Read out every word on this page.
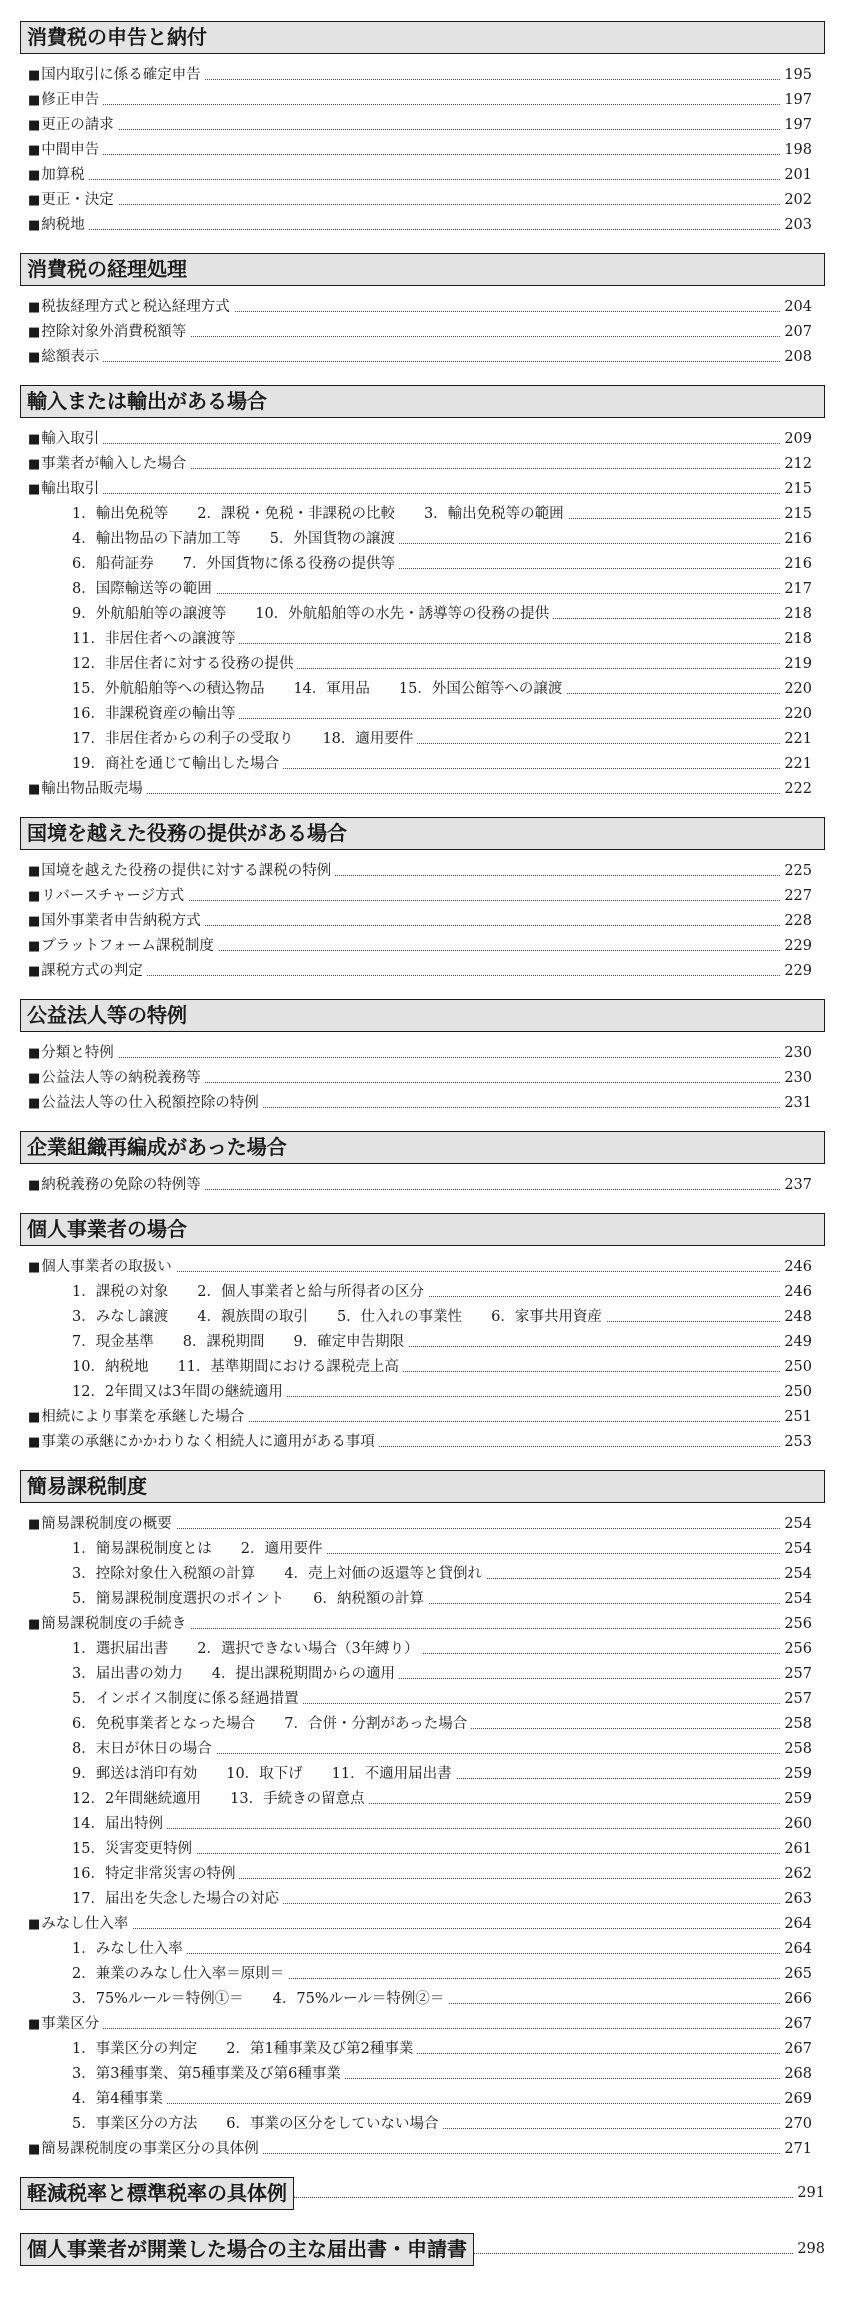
消費税の申告と納付
■国内取引に係る確定申告	195
■修正申告	197
■更正の請求	197
■中間申告	198
■加算税	201
■更正・決定	202
■納税地	203
消費税の経理処理
■税抜経理方式と税込経理方式	204
■控除対象外消費税額等	207
■総額表示	208
輸入または輸出がある場合
■輸入取引	209
■事業者が輸入した場合	212
■輸出取引	215
1．輸出免税等　　2．課税・免税・非課税の比較　　3．輸出免税等の範囲	215
4．輸出物品の下請加工等　　5．外国貨物の譲渡	216
6．船荷証券　　7．外国貨物に係る役務の提供等	216
8．国際輸送等の範囲	217
9．外航船舶等の譲渡等　　10．外航船舶等の水先・誘導等の役務の提供	218
11．非居住者への譲渡等	218
12．非居住者に対する役務の提供	219
15．外航船舶等への積込物品　　14．軍用品　　15．外国公館等への譲渡	220
16．非課税資産の輸出等	220
17．非居住者からの利子の受取り　　18．適用要件	221
19．商社を通じて輸出した場合	221
■輸出物品販売場	222
国境を越えた役務の提供がある場合
■国境を越えた役務の提供に対する課税の特例	225
■リバースチャージ方式	227
■国外事業者申告納税方式	228
■プラットフォーム課税制度	229
■課税方式の判定	229
公益法人等の特例
■分類と特例	230
■公益法人等の納税義務等	230
■公益法人等の仕入税額控除の特例	231
企業組織再編成があった場合
■納税義務の免除の特例等	237
個人事業者の場合
■個人事業者の取扱い	246
1．課税の対象　　2．個人事業者と給与所得者の区分	246
3．みなし譲渡　　4．親族間の取引　　5．仕入れの事業性　　6．家事共用資産	248
7．現金基準　　8．課税期間　　9．確定申告期限	249
10．納税地　　11．基準期間における課税売上高	250
12．2年間又は3年間の継続適用	250
■相続により事業を承継した場合	251
■事業の承継にかかわりなく相続人に適用がある事項	253
簡易課税制度
■簡易課税制度の概要	254
1．簡易課税制度とは　　2．適用要件	254
3．控除対象仕入税額の計算　　4．売上対価の返還等と貸倒れ	254
5．簡易課税制度選択のポイント　　6．納税額の計算	254
■簡易課税制度の手続き	256
1．選択届出書　　2．選択できない場合（3年縛り）	256
3．届出書の効力　　4．提出課税期間からの適用	257
5．インボイス制度に係る経過措置	257
6．免税事業者となった場合　　7．合併・分割があった場合	258
8．末日が休日の場合	258
9．郵送は消印有効　　10．取下げ　　11．不適用届出書	259
12．2年間継続適用　　13．手続きの留意点	259
14．届出特例	260
15．災害変更特例	261
16．特定非常災害の特例	262
17．届出を失念した場合の対応	263
■みなし仕入率	264
1．みなし仕入率	264
2．兼業のみなし仕入率＝原則＝	265
3．75%ルール＝特例①＝　　4．75%ルール＝特例②＝	266
■事業区分	267
1．事業区分の判定　　2．第1種事業及び第2種事業	267
3．第3種事業、第5種事業及び第6種事業	268
4．第4種事業	269
5．事業区分の方法　　6．事業の区分をしていない場合	270
■簡易課税制度の事業区分の具体例	271
軽減税率と標準税率の具体例	291
個人事業者が開業した場合の主な届出書・申請書	298
